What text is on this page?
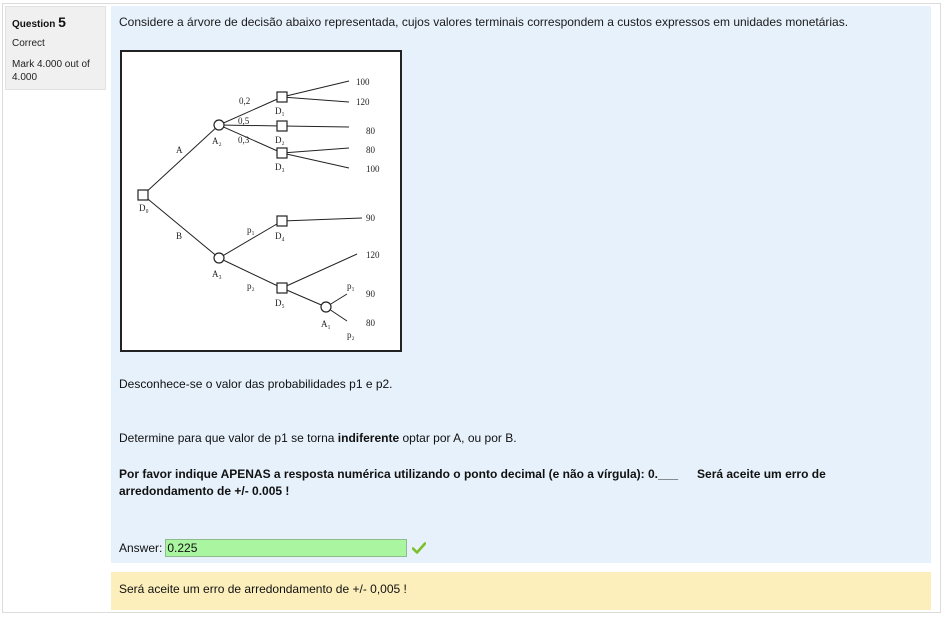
Question 5
Correct
Mark 4.000 out of 4.000
Considere a árvore de decisão abaixo representada, cujos valores terminais correspondem a custos expressos em unidades monetárias.
D₀
A₂
A₃
A₁
D₁
D₂
D₃
D₄
D₅
A
B
0,2
0,5
0,3
p₁
p₂	p₁
p₂
100
120
80
80
100
90
120
90
80
Desconhece-se o valor das probabilidades p1 e p2.
Determine para que valor de p1 se torna indiferente optar por A, ou por B.
Por favor indique APENAS a resposta numérica utilizando o ponto decimal (e não a vírgula): 0.___ Será aceite um erro de arredondamento de +/- 0.005 !
Answer:
0.225
Será aceite um erro de arredondamento de +/- 0,005 !
